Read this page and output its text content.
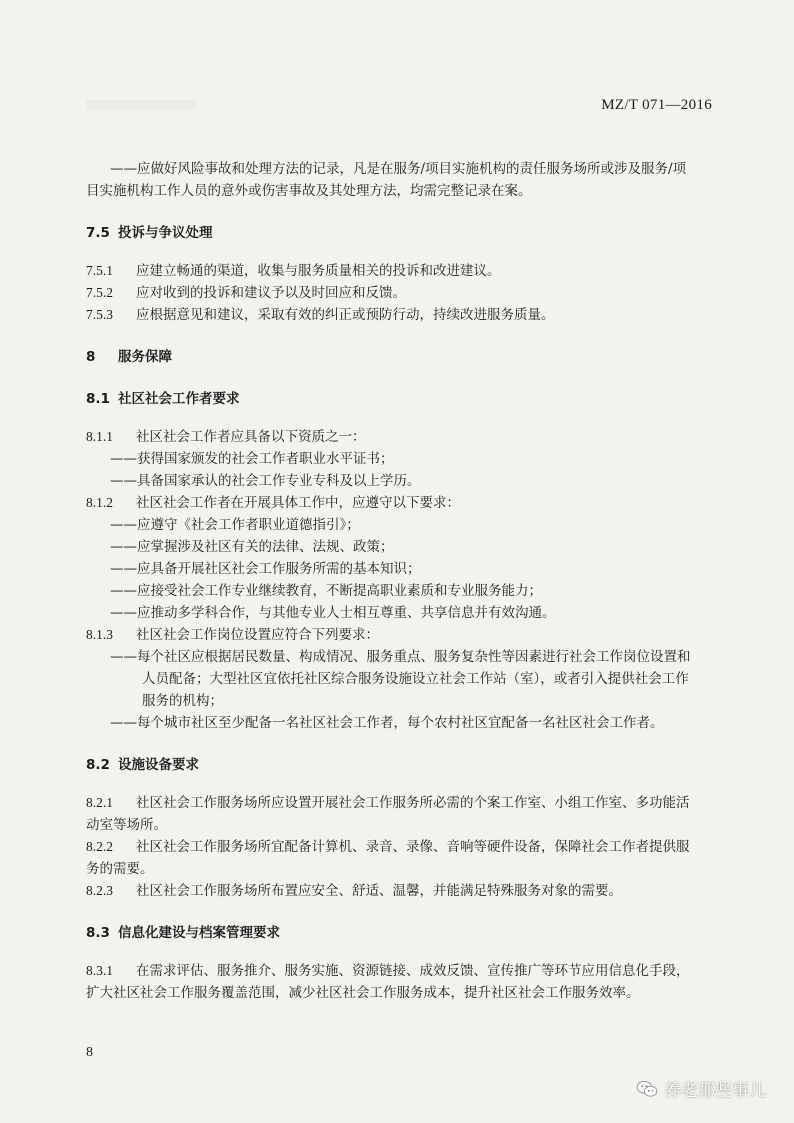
MZ/T 071—2016

——应做好风险事故和处理方法的记录，凡是在服务/项目实施机构的责任服务场所或涉及服务/项

目实施机构工作人员的意外或伤害事故及其处理方法，均需完整记录在案。

7.5 投诉与争议处理

7.5.1 应建立畅通的渠道，收集与服务质量相关的投诉和改进建议。

7.5.2 应对收到的投诉和建议予以及时回应和反馈。

7.5.3 应根据意见和建议，采取有效的纠正或预防行动，持续改进服务质量。

8 服务保障

8.1 社区社会工作者要求

8.1.1 社区社会工作者应具备以下资质之一：

——获得国家颁发的社会工作者职业水平证书；

——具备国家承认的社会工作专业专科及以上学历。

8.1.2 社区社会工作者在开展具体工作中，应遵守以下要求：

——应遵守《社会工作者职业道德指引》；

——应掌握涉及社区有关的法律、法规、政策；

——应具备开展社区社会工作服务所需的基本知识；

——应接受社会工作专业继续教育，不断提高职业素质和专业服务能力；

——应推动多学科合作，与其他专业人士相互尊重、共享信息并有效沟通。

8.1.3 社区社会工作岗位设置应符合下列要求：

——每个社区应根据居民数量、构成情况、服务重点、服务复杂性等因素进行社会工作岗位设置和

人员配备；大型社区宜依托社区综合服务设施设立社会工作站（室），或者引入提供社会工作

服务的机构；

——每个城市社区至少配备一名社区社会工作者，每个农村社区宜配备一名社区社会工作者。

8.2 设施设备要求

8.2.1 社区社会工作服务场所应设置开展社会工作服务所必需的个案工作室、小组工作室、多功能活

动室等场所。

8.2.2 社区社会工作服务场所宜配备计算机、录音、录像、音响等硬件设备，保障社会工作者提供服

务的需要。

8.2.3 社区社会工作服务场所布置应安全、舒适、温馨，并能满足特殊服务对象的需要。

8.3 信息化建设与档案管理要求

8.3.1 在需求评估、服务推介、服务实施、资源链接、成效反馈、宣传推广等环节应用信息化手段，

扩大社区社会工作服务覆盖范围，减少社区社会工作服务成本，提升社区社会工作服务效率。

8
养老那些事儿
